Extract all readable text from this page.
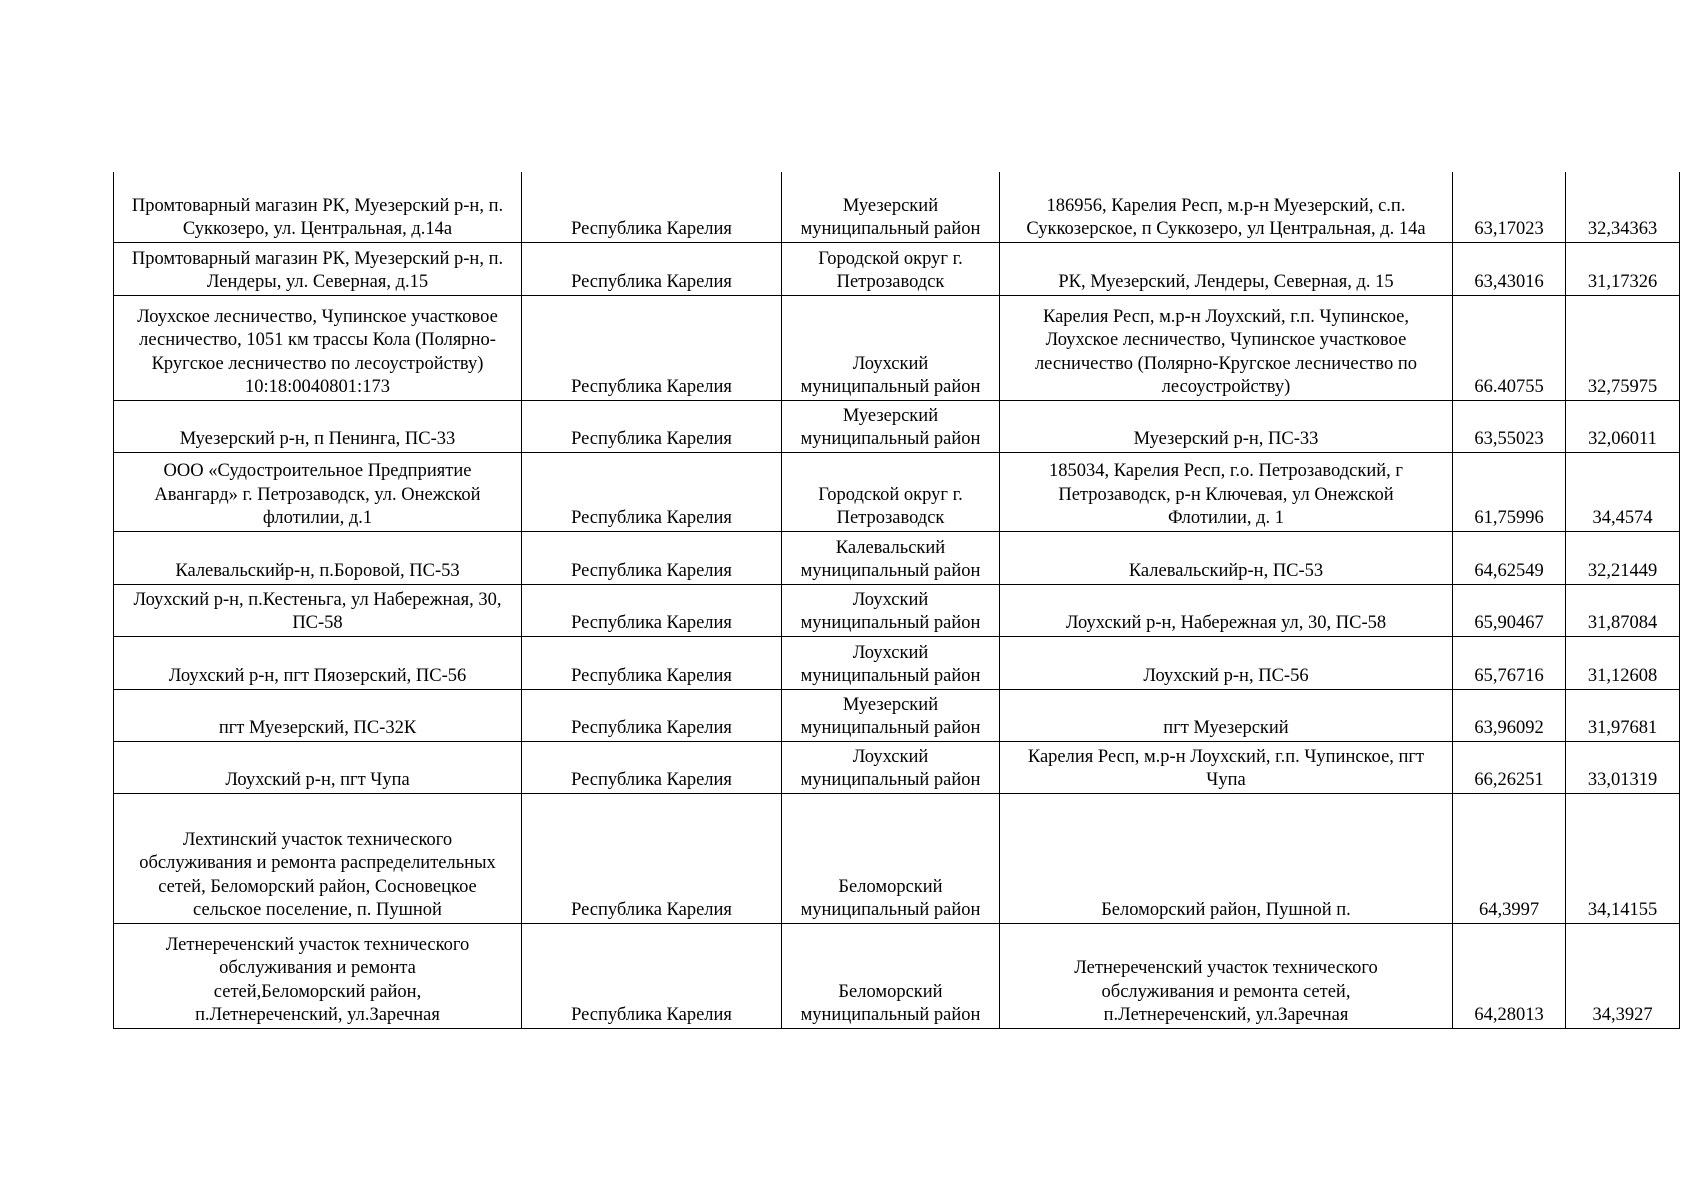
Промтоварный магазин РК, Муезерский р-н, п. Суккозеро, ул. Центральная, д.14а	Республика Карелия	Муезерский муниципальный район	186956, Карелия Респ, м.р-н Муезерский, с.п. Суккозерское, п Суккозеро, ул Центральная, д. 14а	63,17023	32,34363
Промтоварный магазин РК, Муезерский р-н, п. Лендеры, ул. Северная, д.15	Республика Карелия	Городской округ г. Петрозаводск	РК, Муезерский, Лендеры, Северная, д. 15	63,43016	31,17326
Лоухское лесничество, Чупинское участковое лесничество, 1051 км трассы Кола (Полярно-Кругское лесничество по лесоустройству) 10:18:0040801:173	Республика Карелия	Лоухский муниципальный район	Карелия Респ, м.р-н Лоухский, г.п. Чупинское, Лоухское лесничество, Чупинское участковое лесничество (Полярно-Кругское лесничество по лесоустройству)	66.40755	32,75975
Муезерский р-н, п Пенинга, ПС-33	Республика Карелия	Муезерский муниципальный район	Муезерский р-н, ПС-33	63,55023	32,06011
ООО «Судостроительное Предприятие Авангард» г. Петрозаводск, ул. Онежской флотилии, д.1	Республика Карелия	Городской округ г. Петрозаводск	185034, Карелия Респ, г.о. Петрозаводский, г Петрозаводск, р-н Ключевая, ул Онежской Флотилии, д. 1	61,75996	34,4574
Калевальскийр-н, п.Боровой, ПС-53	Республика Карелия	Калевальский муниципальный район	Калевальскийр-н, ПС-53	64,62549	32,21449
Лоухский р-н, п.Кестеньга, ул Набережная, 30, ПС-58	Республика Карелия	Лоухский муниципальный район	Лоухский р-н, Набережная ул, 30, ПС-58	65,90467	31,87084
Лоухский р-н, пгт Пяозерский, ПС-56	Республика Карелия	Лоухский муниципальный район	Лоухский р-н, ПС-56	65,76716	31,12608
пгт Муезерский, ПС-32К	Республика Карелия	Муезерский муниципальный район	пгт Муезерский	63,96092	31,97681
Лоухский р-н, пгт Чупа	Республика Карелия	Лоухский муниципальный район	Карелия Респ, м.р-н Лоухский, г.п. Чупинское, пгт Чупа	66,26251	33,01319
Лехтинский участок технического обслуживания и ремонта распределительных сетей, Беломорский район, Сосновецкое сельское поселение, п. Пушной	Республика Карелия	Беломорский муниципальный район	Беломорский район, Пушной п.	64,3997	34,14155
Летнереченский участок технического обслуживания и ремонта сетей,Беломорский район, п.Летнереченский, ул.Заречная	Республика Карелия	Беломорский муниципальный район	Летнереченский участок технического обслуживания и ремонта сетей, п.Летнереченский, ул.Заречная	64,28013	34,3927
